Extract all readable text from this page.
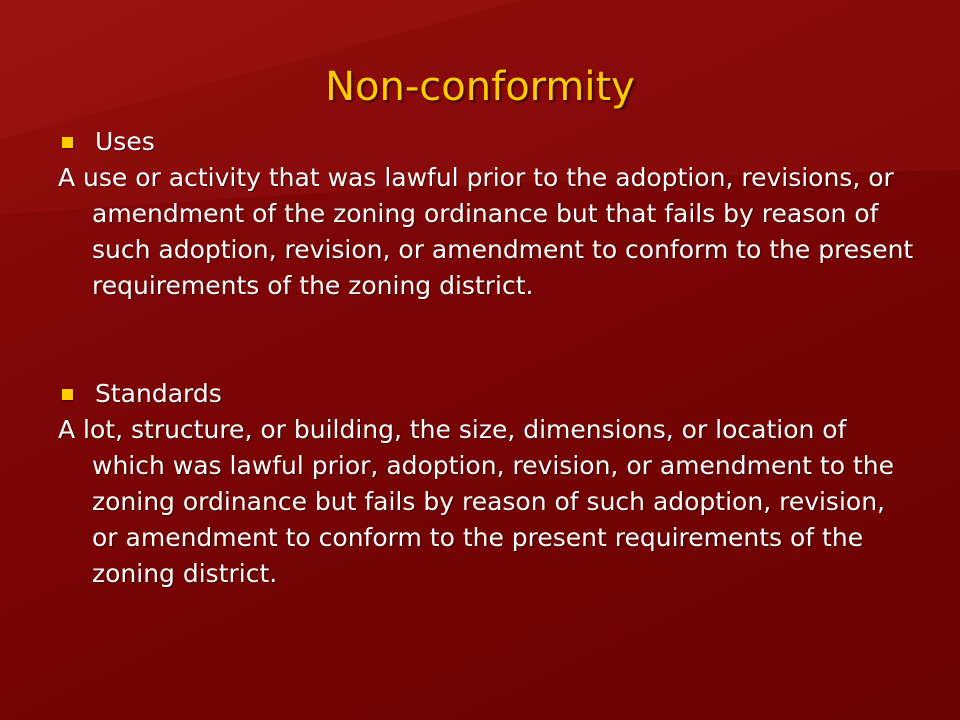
Non-conformity
Uses

A use or activity that was lawful prior to the adoption, revisions, or amendment of the zoning ordinance but that fails by reason of such adoption, revision, or amendment to conform to the present requirements of the zoning district.

Standards

A lot, structure, or building, the size, dimensions, or location of which was lawful prior, adoption, revision, or amendment to the zoning ordinance but fails by reason of such adoption, revision, or amendment to conform to the present requirements of the zoning district.
